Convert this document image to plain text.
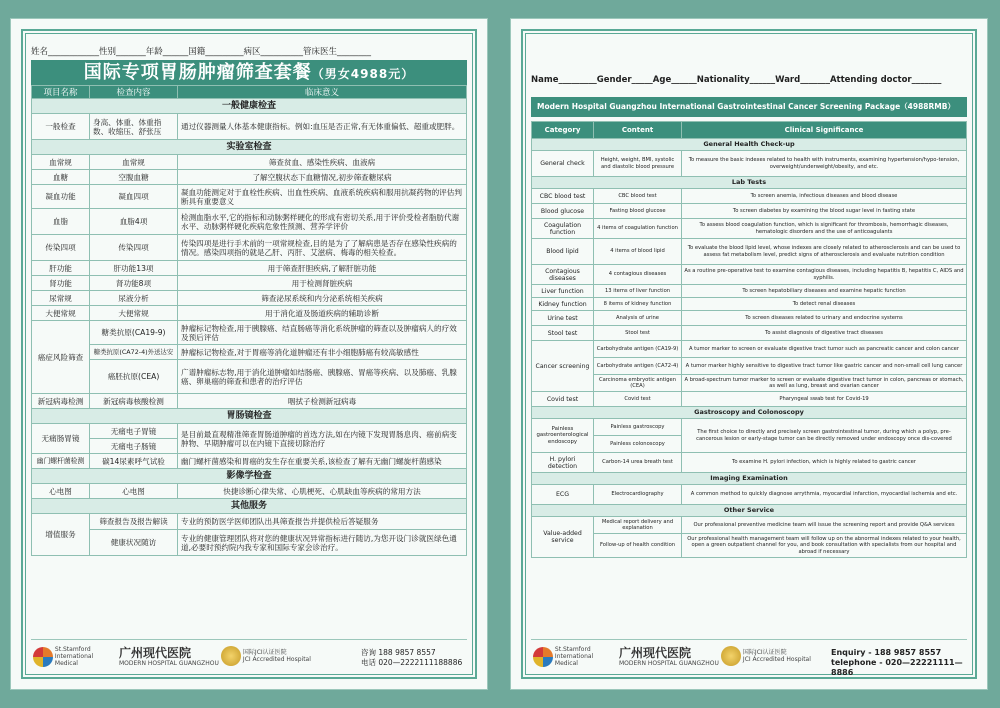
姓名____________性别_______年龄______国籍_________病区__________管床医生________
国际专项胃肠肿瘤筛查套餐（男女4988元）
项目名称	检查内容	临床意义
一般健康检查		
一般检查	身高、体重、体重指数、收缩压、舒张压	通过仪器测量人体基本健康指标。例如:血压是否正常,有无体重偏低、超重或肥胖。
实验室检查		
血常规	血常规	筛查贫血、感染性疾病、血液病
血糖	空腹血糖	了解空腹状态下血糖情况,初步筛查糖尿病
凝血功能	凝血四项	凝血功能测定对于血栓性疾病、出血性疾病、血液系统疾病和服用抗凝药物的评估判断具有重要意义
血脂	血脂4项	检测血脂水平,它的指标和动脉粥样硬化的形成有密切关系,用于评价受检者脂肪代谢水平、动脉粥样硬化疾病危象性预测、营养学评价
传染四项	传染四项	传染四项是进行手术前的一项常规检查,目的是为了了解病患是否存在感染性疾病的情况。感染四项指的就是乙肝、丙肝、艾滋病、梅毒的相关检查。
肝功能	肝功能13项	用于筛查肝胆疾病,了解肝脏功能
肾功能	肾功能8项	用于检测肾脏疾病
尿常规	尿液分析	筛查泌尿系统和内分泌系统相关疾病
大便常规	大便常规	用于消化道及肠道疾病的辅助诊断
癌症风险筛查	糖类抗原(CA19-9)	肿瘤标记物检查,用于胰腺癌、结直肠癌等消化系统肿瘤的筛查以及肿瘤病人的疗效及预后评估
	糖类抗原(CA72-4)外送达安	肿瘤标记物检查,对于胃癌等消化道肿瘤还有非小细胞肺癌有较高敏感性
	癌胚抗原(CEA)	广谱肿瘤标志物,用于消化道肿瘤如结肠癌、胰腺癌、胃癌等疾病、以及肺癌、乳腺癌、卵巢癌的筛查和患者的治疗评估
新冠病毒检测	新冠病毒核酸检测	咽拭子检测新冠病毒
胃肠镜检查		
无痛肠胃镜	无痛电子胃镜	是目前最直观精准筛查胃肠道肿瘤的首选方法,如在内镜下发现胃肠息肉、癌前病变肿物、早期肿瘤可以在内镜下直接切除治疗
	无痛电子肠镜	
幽门螺杆菌检测	碳14尿素呼气试验	幽门螺杆菌感染和胃癌的发生存在重要关系,该检查了解有无幽门螺旋杆菌感染
影像学检查		
心电图	心电图	快捷诊断心律失常、心肌梗死、心肌缺血等疾病的常用方法
其他服务		
增值服务	筛查报告及报告解读	专业的预防医学医师团队出具筛查报告并提供检后答疑服务
	健康状况随访	专业的健康管理团队将对您的健康状况异常指标进行随访,为您开设门诊就医绿色通道,必要时预约院内我专家和国际专家会诊治疗。
St.Stamford International Medical
广州现代医院
MODERN HOSPITAL GUANGZHOU
国际JCI认证医院
JCI Accredited Hospital
咨询 188 9857 8557
电话 020—22221111​88886
Name_________Gender_____Age______Nationality______Ward_______Attending doctor_______
Modern Hospital Guangzhou International Gastrointestinal Cancer Screening Package（4988RMB）
Category	Content	Clinical Significance
General Health Check-up		
General check	Height, weight, BMI, systolic and diastolic blood pressure	To measure the basic indexes related to health with instruments, examining hypertension/hypo-tension, overweight/underweight/obesity, and etc.
Lab Tests		
CBC blood test	CBC blood test	To screen anemia, infectious diseases and blood disease
Blood glucose	Fasting blood glucose	To screen diabetes by examining the blood sugar level in fasting state
Coagulation function	4 items of coagulation function	To assess blood coagulation function, which is significant for thrombosis, hemorrhagic diseases, hematologic disorders and the use of anticoagulants
Blood lipid	4 items of blood lipid	To evaluate the blood lipid level, whose indexes are closely related to atherosclerosis and can be used to assess fat metabolism level, predict signs of atherosclerosis and evaluate nutrition condition
Contagious diseases	4 contagious diseases	As a routine pre-operative test to examine contagious diseases, including hepatitis B, hepatitis C, AIDS and syphilis.
Liver function	13 items of liver function	To screen hepatobiliary diseases and examine hepatic function
Kidney function	8 items of kidney function	To detect renal diseases
Urine test	Analysis of urine	To screen diseases related to urinary and endocrine systems
Stool test	Stool test	To assist diagnosis of digestive tract diseases
Cancer screening	Carbohydrate antigen (CA19-9)	A tumor marker to screen or evaluate digestive tract tumor such as pancreatic cancer and colon cancer
	Carbohydrate antigen (CA72-4)	A tumor marker highly sensitive to digestive tract tumor like gastric cancer and non-small cell lung cancer
	Carcinoma embryotic antigen (CEA)	A broad-spectrum tumor marker to screen or evaluate digestive tract tumor in colon, pancreas or stomach, as well as lung, breast and ovarian cancer
Covid test	Covid test	Pharyngeal swab test for Covid-19
Gastroscopy and Colonoscopy		
Painless gastroenterological endoscopy	Painless gastroscopy	The first choice to directly and precisely screen gastrointestinal tumor, during which a polyp, pre-cancerous lesion or early-stage tumor can be directly removed under endoscopy once dis-covered
	Painless colonoscopy	
H. pylori detection	Carbon-14 urea breath test	To examine H. pylori infection, which is highly related to gastric cancer
Imaging Examination		
ECG	Electrocardiography	A common method to quickly diagnose arrythmia, myocardial infarction, myocardial ischemia and etc.
Other Service		
Value-added service	Medical report delivery and explanation	Our professional preventive medicine team will issue the screening report and provide Q&A services
	Follow-up of health condition	Our professional health management team will follow up on the abnormal indexes related to your health, open a green outpatient channel for you, and book consultation with specialists from our hospital and abroad if necessary
St.Stamford International Medical
广州现代医院
MODERN HOSPITAL GUANGZHOU
国际JCI认证医院
JCI Accredited Hospital
Enquiry - 188 9857 8557
telephone - 020—22221111—8886
